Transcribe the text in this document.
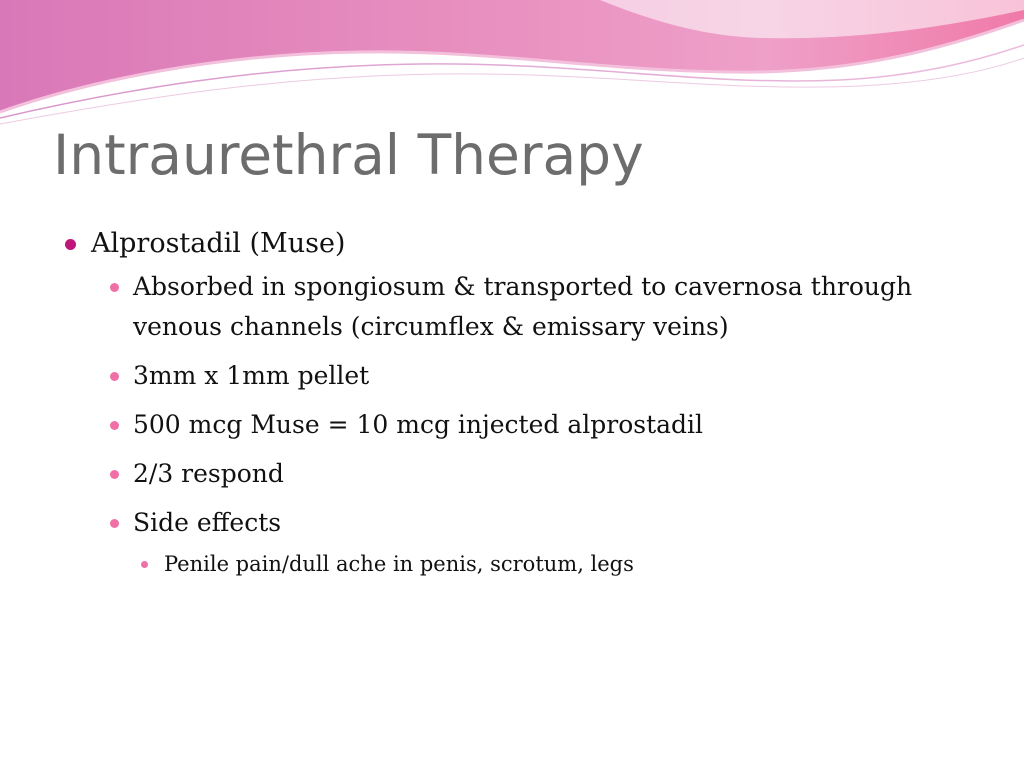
Intraurethral Therapy
Alprostadil (Muse)
Absorbed in spongiosum & transported to cavernosa through venous channels (circumflex & emissary veins)
3mm x 1mm pellet
500 mcg Muse = 10 mcg injected alprostadil
2/3 respond
Side effects
Penile pain/dull ache in penis, scrotum, legs
